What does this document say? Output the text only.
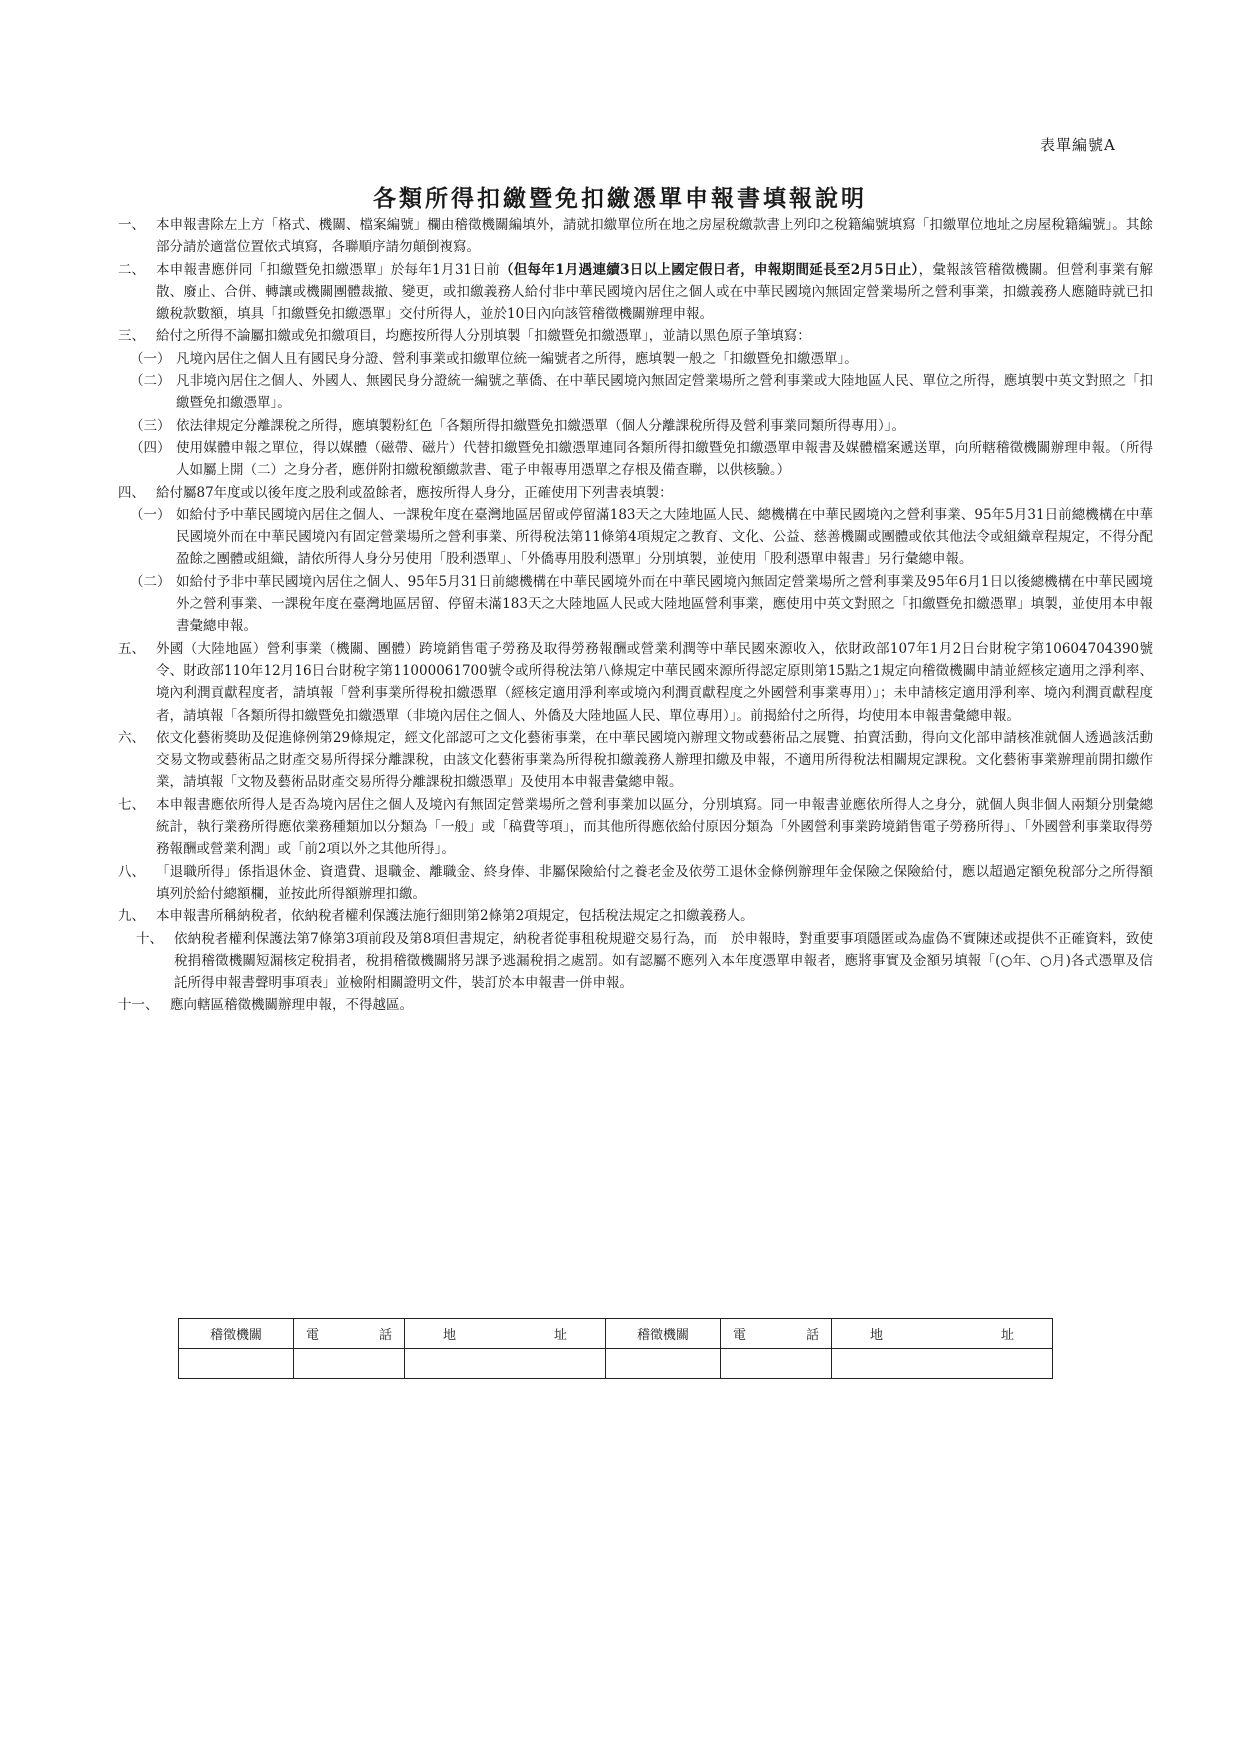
表單編號A
各類所得扣繳暨免扣繳憑單申報書填報說明
一、 本申報書除左上方「格式、機關、檔案編號」欄由稽徵機關編填外，請就扣繳單位所在地之房屋稅繳款書上列印之稅籍編號填寫「扣繳單位地址之房屋稅籍編號」。其餘部分請於適當位置依式填寫，各聯順序請勿顛倒複寫。
二、 本申報書應併同「扣繳暨免扣繳憑單」於每年1月31日前（但每年1月遇連續3日以上國定假日者，申報期間延長至2月5日止），彙報該管稽徵機關。但營利事業有解散、廢止、合併、轉讓或機關團體裁撤、變更，或扣繳義務人給付非中華民國境內居住之個人或在中華民國境內無固定營業場所之營利事業，扣繳義務人應隨時就已扣繳稅款數額，填具「扣繳暨免扣繳憑單」交付所得人，並於10日內向該管稽徵機關辦理申報。
三、 給付之所得不論屬扣繳或免扣繳項目，均應按所得人分別填製「扣繳暨免扣繳憑單」，並請以黑色原子筆填寫：
（一） 凡境內居住之個人且有國民身分證、營利事業或扣繳單位統一編號者之所得，應填製一般之「扣繳暨免扣繳憑單」。
（二） 凡非境內居住之個人、外國人、無國民身分證統一編號之華僑、在中華民國境內無固定營業場所之營利事業或大陸地區人民、單位之所得，應填製中英文對照之「扣繳暨免扣繳憑單」。
（三） 依法律規定分離課稅之所得，應填製粉紅色「各類所得扣繳暨免扣繳憑單（個人分離課稅所得及營利事業同類所得專用）」。
（四） 使用媒體申報之單位，得以媒體（磁帶、磁片）代替扣繳暨免扣繳憑單連同各類所得扣繳暨免扣繳憑單申報書及媒體檔案遞送單，向所轄稽徵機關辦理申報。（所得人如屬上開（二）之身分者，應併附扣繳稅額繳款書、電子申報專用憑單之存根及備查聯，以供核驗。）
四、 給付屬87年度或以後年度之股利或盈餘者，應按所得人身分，正確使用下列書表填製：
（一） 如給付予中華民國境內居住之個人、一課稅年度在臺灣地區居留或停留滿183天之大陸地區人民、總機構在中華民國境內之營利事業、95年5月31日前總機構在中華民國境外而在中華民國境內有固定營業場所之營利事業、所得稅法第11條第4項規定之教育、文化、公益、慈善機關或團體或依其他法令或組織章程規定，不得分配盈餘之團體或組織，請依所得人身分另使用「股利憑單」、「外僑專用股利憑單」分別填製，並使用「股利憑單申報書」另行彙總申報。
（二） 如給付予非中華民國境內居住之個人、95年5月31日前總機構在中華民國境外而在中華民國境內無固定營業場所之營利事業及95年6月1日以後總機構在中華民國境外之營利事業、一課稅年度在臺灣地區居留、停留未滿183天之大陸地區人民或大陸地區營利事業，應使用中英文對照之「扣繳暨免扣繳憑單」填製，並使用本申報書彙總申報。
五、 外國（大陸地區）營利事業（機關、團體）跨境銷售電子勞務及取得勞務報酬或營業利潤等中華民國來源收入，依財政部107年1月2日台財稅字第10604704390號令、財政部110年12月16日台財稅字第11000061700號令或所得稅法第八條規定中華民國來源所得認定原則第15點之1規定向稽徵機關申請並經核定適用之淨利率、境內利潤貢獻程度者，請填報「營利事業所得稅扣繳憑單（經核定適用淨利率或境內利潤貢獻程度之外國營利事業專用）」；未申請核定適用淨利率、境內利潤貢獻程度者，請填報「各類所得扣繳暨免扣繳憑單（非境內居住之個人、外僑及大陸地區人民、單位專用）」。前揭給付之所得，均使用本申報書彙總申報。
六、 依文化藝術獎助及促進條例第29條規定，經文化部認可之文化藝術事業，在中華民國境內辦理文物或藝術品之展覽、拍賣活動，得向文化部申請核准就個人透過該活動交易文物或藝術品之財產交易所得採分離課稅，由該文化藝術事業為所得稅扣繳義務人辦理扣繳及申報，不適用所得稅法相關規定課稅。文化藝術事業辦理前開扣繳作業，請填報「文物及藝術品財產交易所得分離課稅扣繳憑單」及使用本申報書彙總申報。
七、 本申報書應依所得人是否為境內居住之個人及境內有無固定營業場所之營利事業加以區分，分別填寫。同一申報書並應依所得人之身分，就個人與非個人兩類分別彙總統計，執行業務所得應依業務種類加以分類為「一般」或「稿費等項」，而其他所得應依給付原因分類為「外國營利事業跨境銷售電子勞務所得」、「外國營利事業取得勞務報酬或營業利潤」或「前2項以外之其他所得」。
八、 「退職所得」係指退休金、資遣費、退職金、離職金、終身俸、非屬保險給付之養老金及依勞工退休金條例辦理年金保險之保險給付，應以超過定額免稅部分之所得額填列於給付總額欄，並按此所得額辦理扣繳。
九、 本申報書所稱納稅者，依納稅者權利保護法施行細則第2條第2項規定，包括稅法規定之扣繳義務人。
十、 依納稅者權利保護法第7條第3項前段及第8項但書規定，納稅者從事租稅規避交易行為，而　於申報時，對重要事項隱匿或為虛偽不實陳述或提供不正確資料，致使稅捐稽徵機關短漏核定稅捐者，稅捐稽徵機關將另課予逃漏稅捐之處罰。如有認屬不應列入本年度憑單申報者，應將事實及金額另填報「(○年、○月)各式憑單及信託所得申報書聲明事項表」並檢附相關證明文件，裝訂於本申報書一併申報。
十一、 應向轄區稽徵機關辦理申報，不得越區。
稽徵機關	電 話	地 址	稽徵機關	電 話	地 址
